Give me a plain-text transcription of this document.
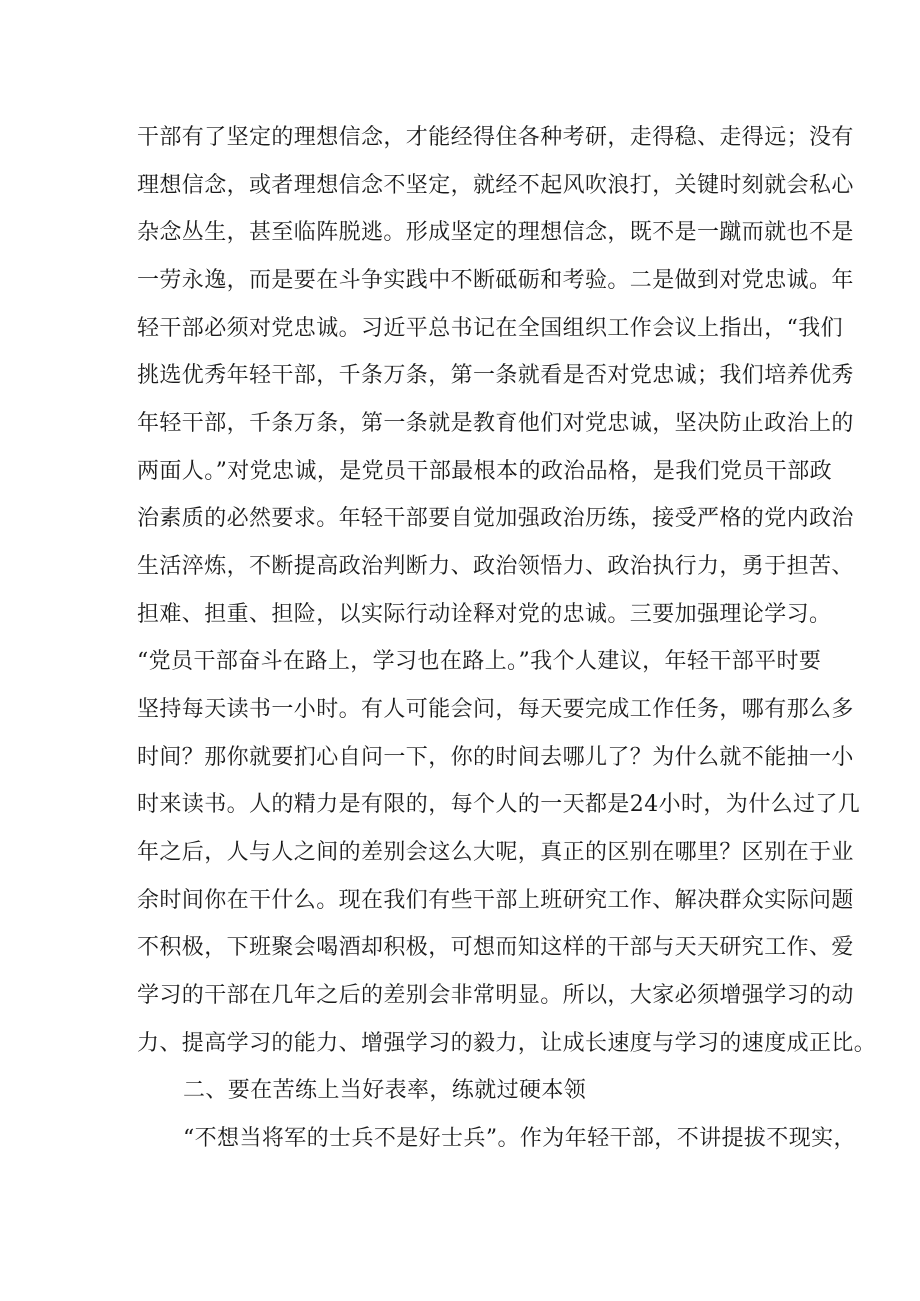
干部有了坚定的理想信念，才能经得住各种考研，走得稳、走得远；没有
理想信念，或者理想信念不坚定，就经不起风吹浪打，关键时刻就会私心
杂念丛生，甚至临阵脱逃。形成坚定的理想信念，既不是一蹴而就也不是
一劳永逸，而是要在斗争实践中不断砥砺和考验。二是做到对党忠诚。年
轻干部必须对党忠诚。习近平总书记在全国组织工作会议上指出，“我们
挑选优秀年轻干部，千条万条，第一条就看是否对党忠诚；我们培养优秀
年轻干部，千条万条，第一条就是教育他们对党忠诚，坚决防止政治上的
两面人。”对党忠诚，是党员干部最根本的政治品格，是我们党员干部政
治素质的必然要求。年轻干部要自觉加强政治历练，接受严格的党内政治
生活淬炼，不断提高政治判断力、政治领悟力、政治执行力，勇于担苦、
担难、担重、担险，以实际行动诠释对党的忠诚。三要加强理论学习。
“党员干部奋斗在路上，学习也在路上。”我个人建议，年轻干部平时要
坚持每天读书一小时。有人可能会问，每天要完成工作任务，哪有那么多
时间？那你就要扪心自问一下，你的时间去哪儿了？为什么就不能抽一小
时来读书。人的精力是有限的，每个人的一天都是24小时，为什么过了几
年之后，人与人之间的差别会这么大呢，真正的区别在哪里？区别在于业
余时间你在干什么。现在我们有些干部上班研究工作、解决群众实际问题
不积极，下班聚会喝酒却积极，可想而知这样的干部与天天研究工作、爱
学习的干部在几年之后的差别会非常明显。所以，大家必须增强学习的动
力、提高学习的能力、增强学习的毅力，让成长速度与学习的速度成正比。
二、要在苦练上当好表率，练就过硬本领
“不想当将军的士兵不是好士兵”。作为年轻干部，不讲提拔不现实，
